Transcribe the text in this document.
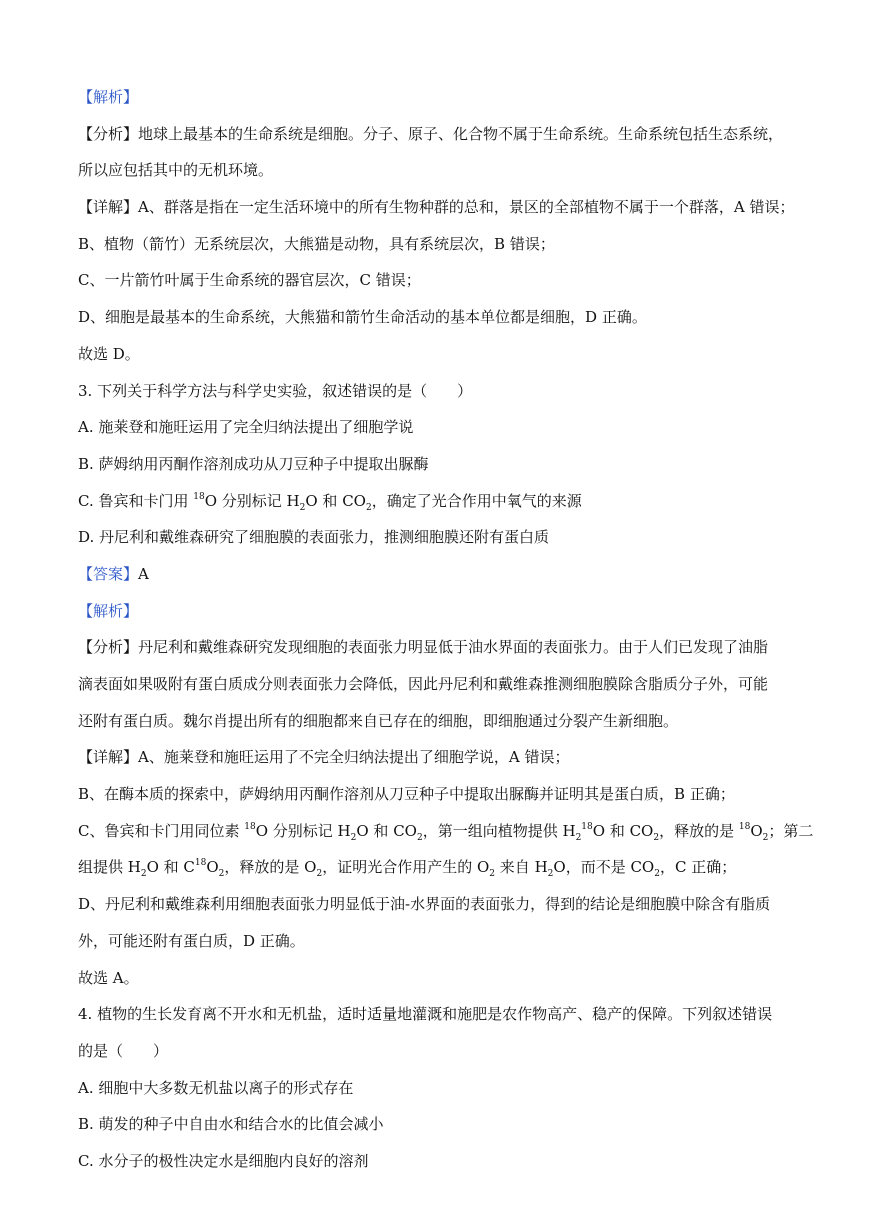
【解析】
【分析】地球上最基本的生命系统是细胞。分子、原子、化合物不属于生命系统。生命系统包括生态系统，
所以应包括其中的无机环境。
【详解】A、群落是指在一定生活环境中的所有生物种群的总和，景区的全部植物不属于一个群落，A 错误；
B、植物（箭竹）无系统层次，大熊猫是动物，具有系统层次，B 错误；
C、一片箭竹叶属于生命系统的器官层次，C 错误；
D、细胞是最基本的生命系统，大熊猫和箭竹生命活动的基本单位都是细胞，D 正确。
故选 D。
3. 下列关于科学方法与科学史实验，叙述错误的是（　　）
A. 施莱登和施旺运用了完全归纳法提出了细胞学说
B. 萨姆纳用丙酮作溶剂成功从刀豆种子中提取出脲酶
C. 鲁宾和卡门用 $^{18}$O 分别标记 $H_2O$ 和 $CO_2$，确定了光合作用中氧气的来源
D. 丹尼利和戴维森研究了细胞膜的表面张力，推测细胞膜还附有蛋白质
【答案】A
【解析】
【分析】丹尼利和戴维森研究发现细胞的表面张力明显低于油水界面的表面张力。由于人们已发现了油脂
滴表面如果吸附有蛋白质成分则表面张力会降低，因此丹尼利和戴维森推测细胞膜除含脂质分子外，可能
还附有蛋白质。魏尔肖提出所有的细胞都来自已存在的细胞，即细胞通过分裂产生新细胞。
【详解】A、施莱登和施旺运用了不完全归纳法提出了细胞学说，A 错误；
B、在酶本质的探索中，萨姆纳用丙酮作溶剂从刀豆种子中提取出脲酶并证明其是蛋白质，B 正确；
C、鲁宾和卡门用同位素 $^{18}$O 分别标记 $H_2O$ 和 $CO_2$，第一组向植物提供 $H_2^{18}O$ 和 $CO_2$，释放的是 $^{18}O_2$；第二
组提供 $H_2O$ 和 $C^{18}O_2$，释放的是 $O_2$，证明光合作用产生的 $O_2$ 来自 $H_2O$，而不是 $CO_2$，C 正确；
D、丹尼利和戴维森利用细胞表面张力明显低于油-水界面的表面张力，得到的结论是细胞膜中除含有脂质
外，可能还附有蛋白质，D 正确。
故选 A。
4. 植物的生长发育离不开水和无机盐，适时适量地灌溉和施肥是农作物高产、稳产的保障。下列叙述错误
的是（　　）
A. 细胞中大多数无机盐以离子的形式存在
B. 萌发的种子中自由水和结合水的比值会减小
C. 水分子的极性决定水是细胞内良好的溶剂
